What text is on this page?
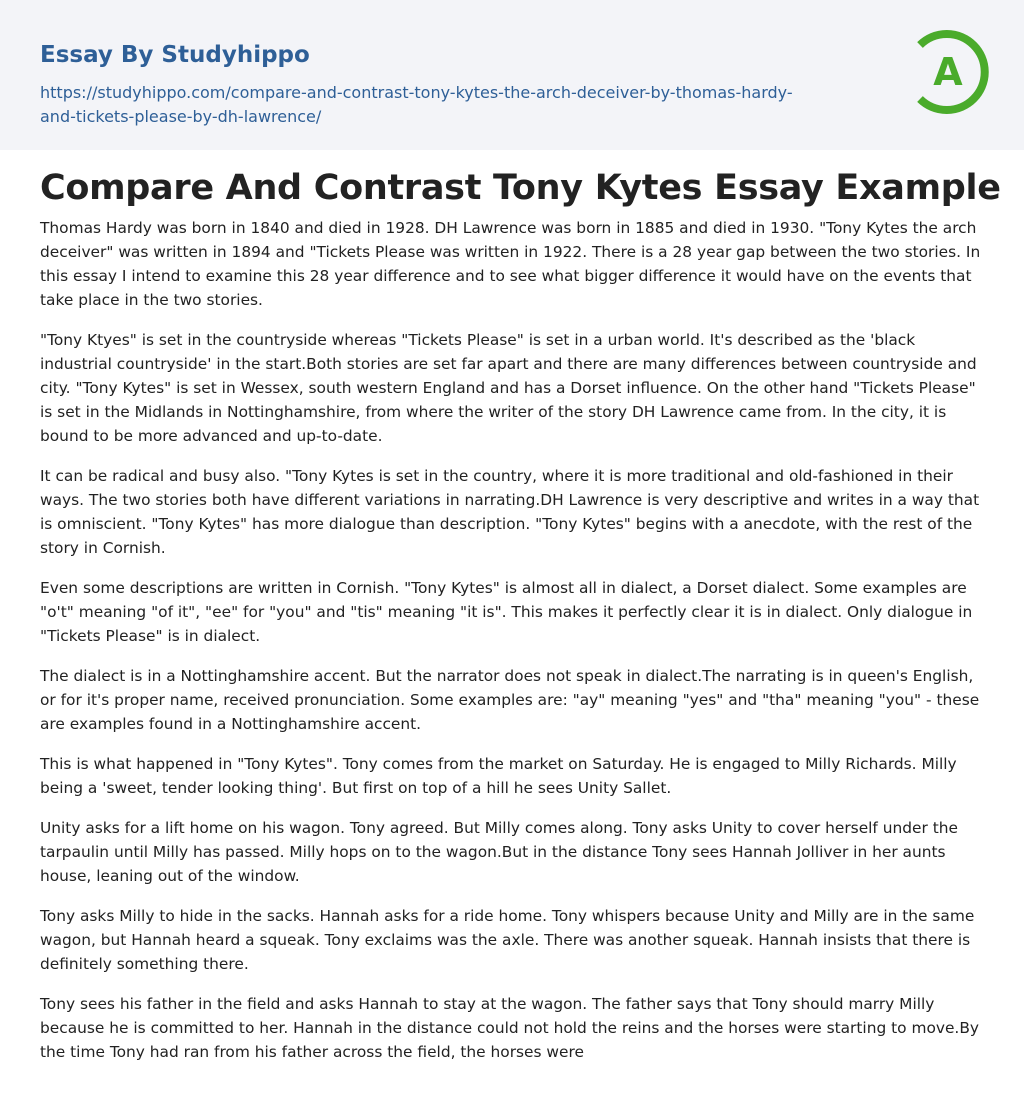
Essay By Studyhippo
https://studyhippo.com/compare-and-contrast-tony-kytes-the-arch-deceiver-by-thomas-hardy-and-tickets-please-by-dh-lawrence/
A
Compare And Contrast Tony Kytes Essay Example

Thomas Hardy was born in 1840 and died in 1928. DH Lawrence was born in 1885 and died in 1930. "Tony Kytes the arch deceiver" was written in 1894 and "Tickets Please was written in 1922. There is a 28 year gap between the two stories. In this essay I intend to examine this 28 year difference and to see what bigger difference it would have on the events that take place in the two stories.

"Tony Ktyes" is set in the countryside whereas "Tickets Please" is set in a urban world. It's described as the 'black industrial countryside' in the start.Both stories are set far apart and there are many differences between countryside and city. "Tony Kytes" is set in Wessex, south western England and has a Dorset influence. On the other hand "Tickets Please" is set in the Midlands in Nottinghamshire, from where the writer of the story DH Lawrence came from. In the city, it is bound to be more advanced and up-to-date.

It can be radical and busy also. "Tony Kytes is set in the country, where it is more traditional and old-fashioned in their ways. The two stories both have different variations in narrating.DH Lawrence is very descriptive and writes in a way that is omniscient. "Tony Kytes" has more dialogue than description. "Tony Kytes" begins with a anecdote, with the rest of the story in Cornish.

Even some descriptions are written in Cornish. "Tony Kytes" is almost all in dialect, a Dorset dialect. Some examples are "o't" meaning "of it", "ee" for "you" and "tis" meaning "it is". This makes it perfectly clear it is in dialect. Only dialogue in "Tickets Please" is in dialect.

The dialect is in a Nottinghamshire accent. But the narrator does not speak in dialect.The narrating is in queen's English, or for it's proper name, received pronunciation. Some examples are: "ay" meaning "yes" and "tha" meaning "you" - these are examples found in a Nottinghamshire accent.

This is what happened in "Tony Kytes". Tony comes from the market on Saturday. He is engaged to Milly Richards. Milly being a 'sweet, tender looking thing'. But first on top of a hill he sees Unity Sallet.

Unity asks for a lift home on his wagon. Tony agreed. But Milly comes along. Tony asks Unity to cover herself under the tarpaulin until Milly has passed. Milly hops on to the wagon.But in the distance Tony sees Hannah Jolliver in her aunts house, leaning out of the window.

Tony asks Milly to hide in the sacks. Hannah asks for a ride home. Tony whispers because Unity and Milly are in the same wagon, but Hannah heard a squeak. Tony exclaims was the axle. There was another squeak. Hannah insists that there is definitely something there.

Tony sees his father in the field and asks Hannah to stay at the wagon. The father says that Tony should marry Milly because he is committed to her. Hannah in the distance could not hold the reins and the horses were starting to move.By the time Tony had ran from his father across the field, the horses were
